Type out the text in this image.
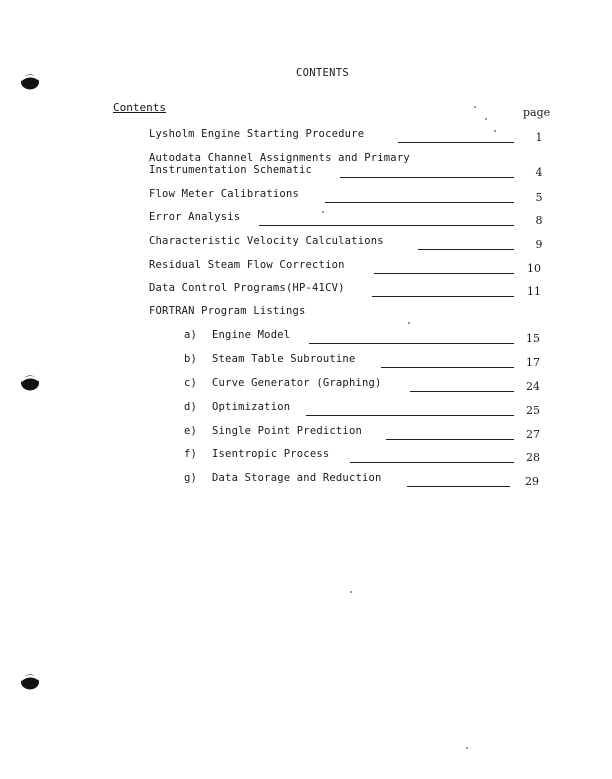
CONTENTS
Contents	page
Lysholm Engine Starting Procedure	1
Autodata Channel Assignments and Primary
Instrumentation Schematic	4
Flow Meter Calibrations	5
Error Analysis	8
Characteristic Velocity Calculations	9
Residual Steam Flow Correction	10
Data Control Programs(HP-41CV)	11
FORTRAN Program Listings
a) Engine Model	15
b) Steam Table Subroutine	17
c) Curve Generator (Graphing)	24
d) Optimization	25
e) Single Point Prediction	27
f) Isentropic Process	28
g) Data Storage and Reduction	29
